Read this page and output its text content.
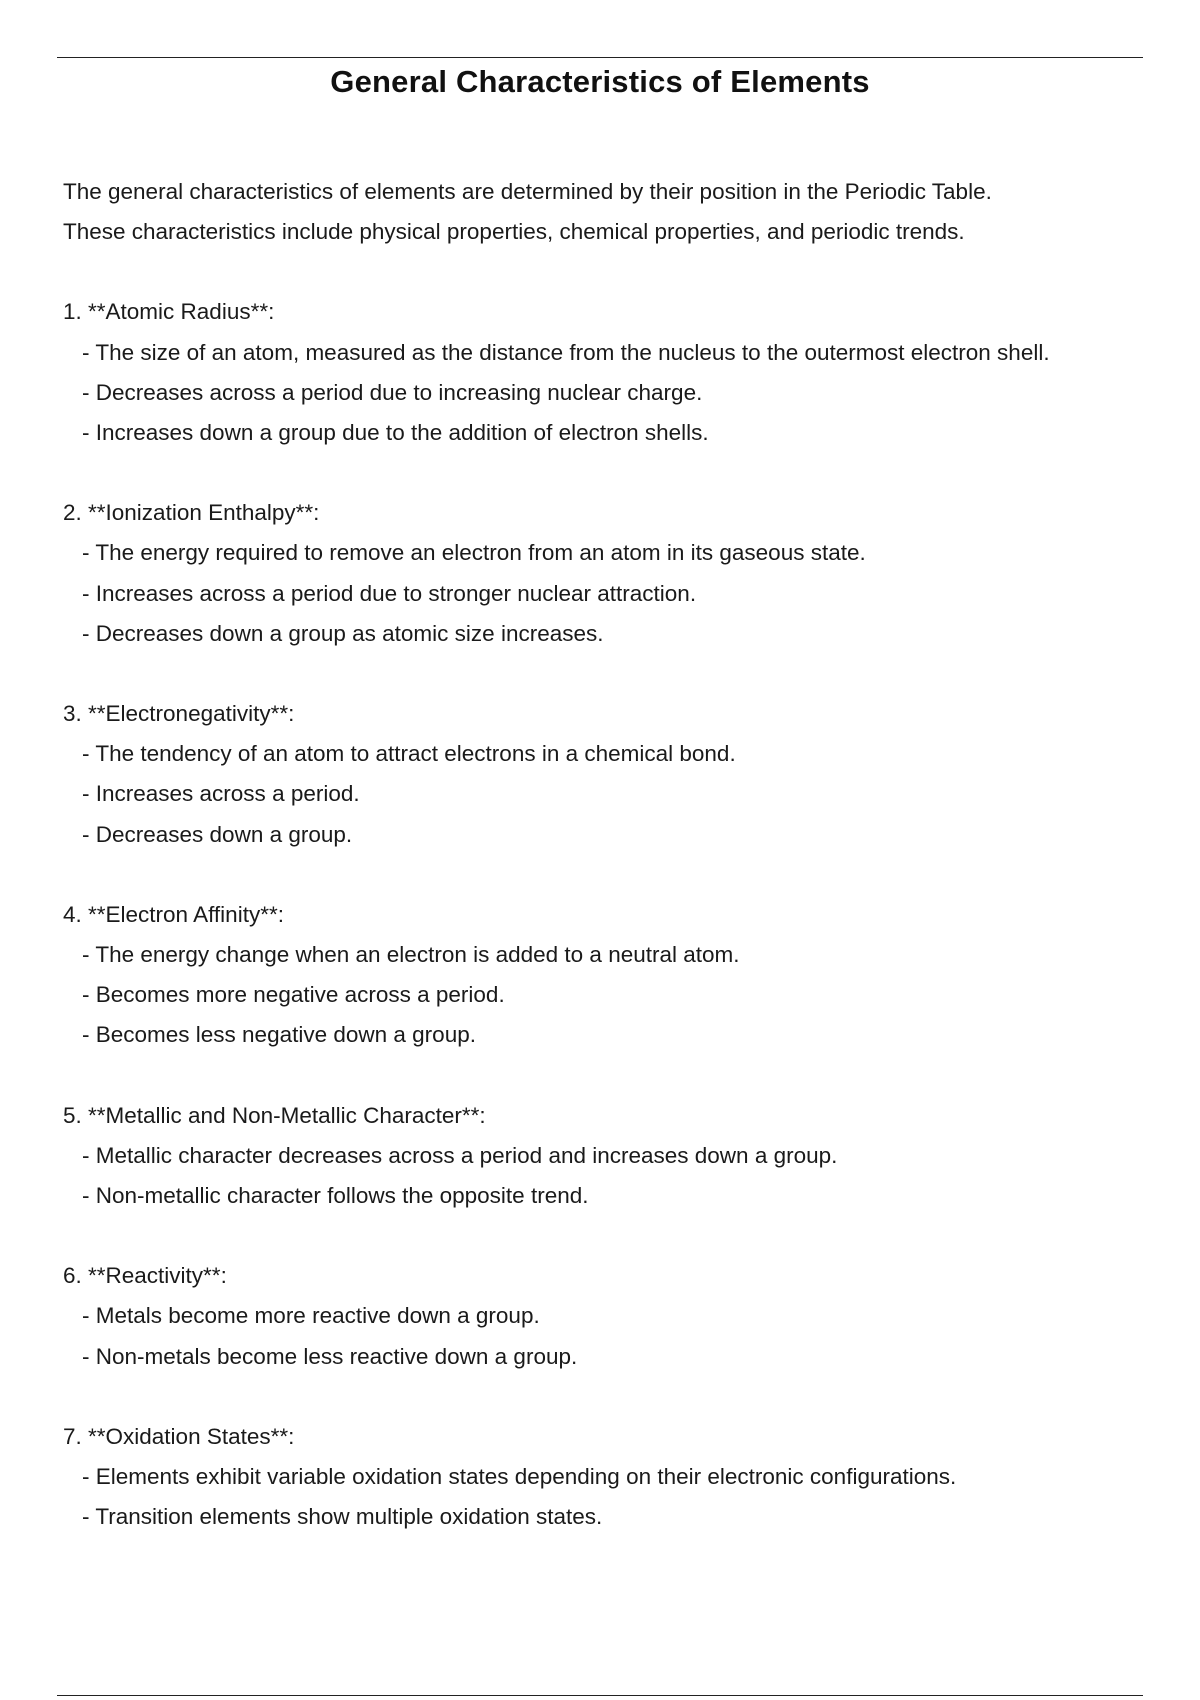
General Characteristics of Elements
The general characteristics of elements are determined by their position in the Periodic Table.
These characteristics include physical properties, chemical properties, and periodic trends.
1. **Atomic Radius**:
- The size of an atom, measured as the distance from the nucleus to the outermost electron shell.
- Decreases across a period due to increasing nuclear charge.
- Increases down a group due to the addition of electron shells.
2. **Ionization Enthalpy**:
- The energy required to remove an electron from an atom in its gaseous state.
- Increases across a period due to stronger nuclear attraction.
- Decreases down a group as atomic size increases.
3. **Electronegativity**:
- The tendency of an atom to attract electrons in a chemical bond.
- Increases across a period.
- Decreases down a group.
4. **Electron Affinity**:
- The energy change when an electron is added to a neutral atom.
- Becomes more negative across a period.
- Becomes less negative down a group.
5. **Metallic and Non-Metallic Character**:
- Metallic character decreases across a period and increases down a group.
- Non-metallic character follows the opposite trend.
6. **Reactivity**:
- Metals become more reactive down a group.
- Non-metals become less reactive down a group.
7. **Oxidation States**:
- Elements exhibit variable oxidation states depending on their electronic configurations.
- Transition elements show multiple oxidation states.
